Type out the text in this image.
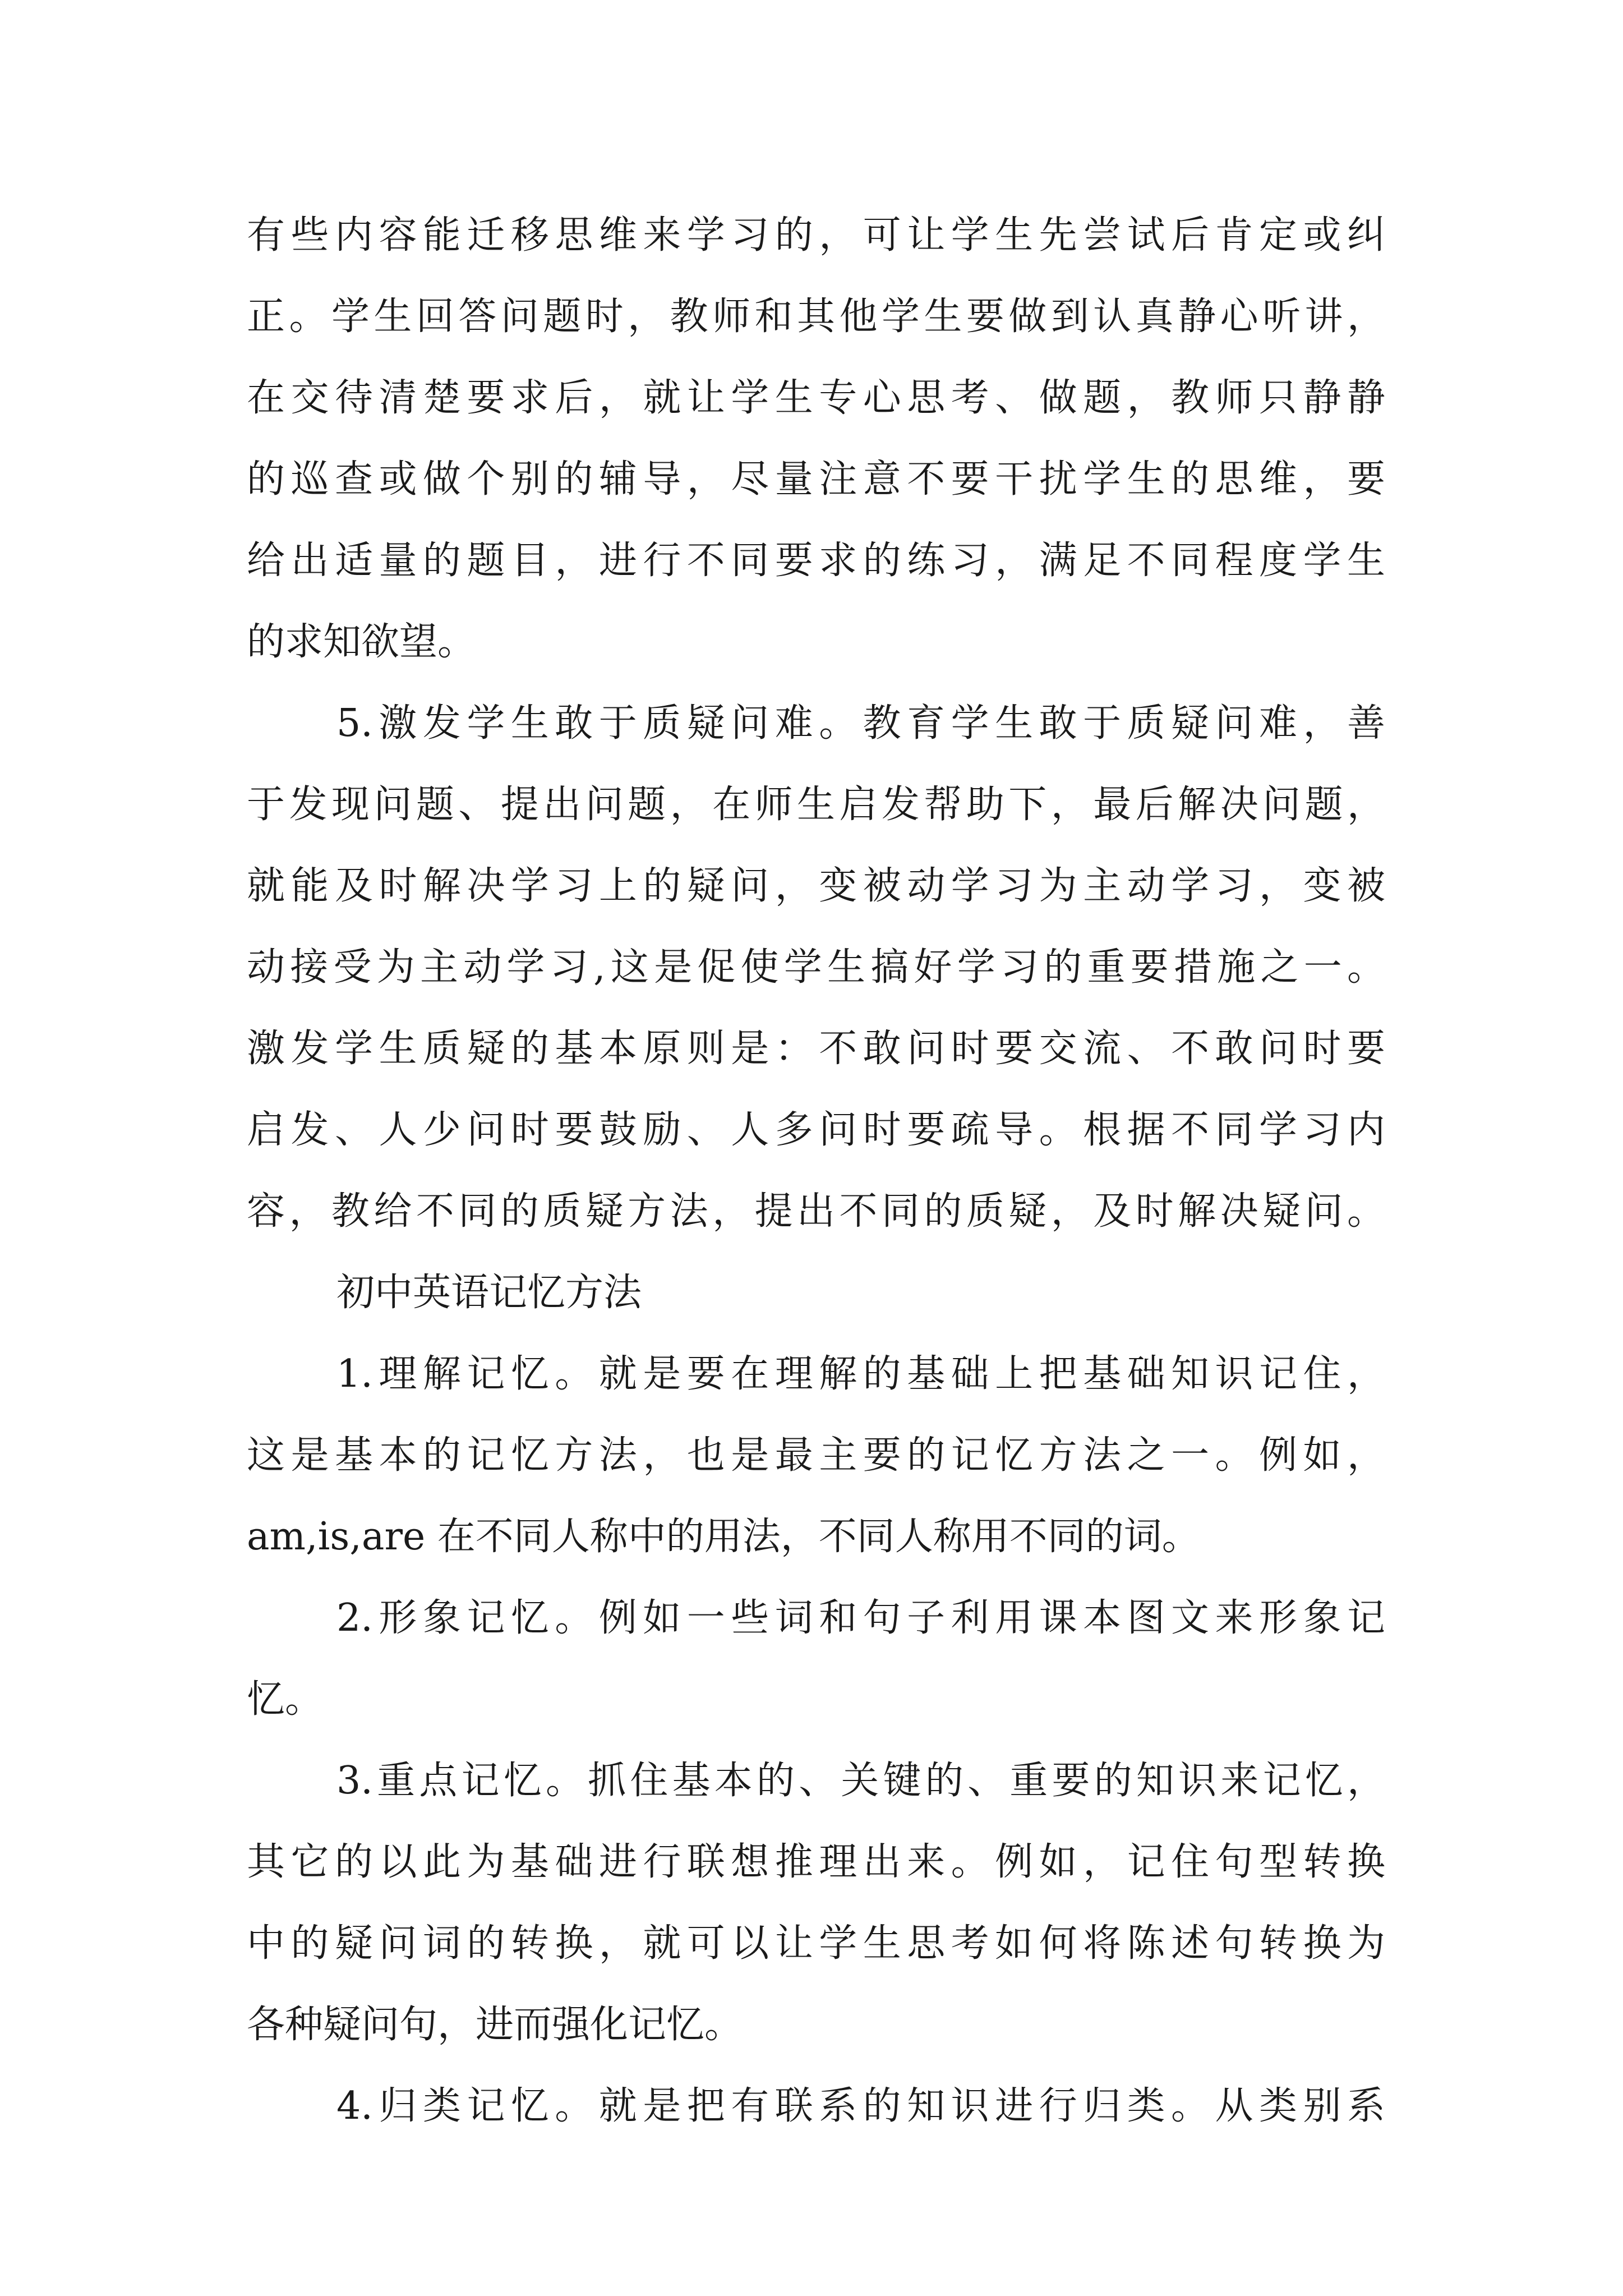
有些内容能迁移思维来学习的，可让学生先尝试后肯定或纠

正。学生回答问题时，教师和其他学生要做到认真静心听讲，

在交待清楚要求后，就让学生专心思考、做题，教师只静静

的巡查或做个别的辅导，尽量注意不要干扰学生的思维，要

给出适量的题目，进行不同要求的练习，满足不同程度学生

的求知欲望。

5.激发学生敢于质疑问难。教育学生敢于质疑问难，善

于发现问题、提出问题，在师生启发帮助下，最后解决问题，

就能及时解决学习上的疑问，变被动学习为主动学习，变被

动接受为主动学习,这是促使学生搞好学习的重要措施之一。

激发学生质疑的基本原则是：不敢问时要交流、不敢问时要

启发、人少问时要鼓励、人多问时要疏导。根据不同学习内

容，教给不同的质疑方法，提出不同的质疑，及时解决疑问。

初中英语记忆方法

1.理解记忆。就是要在理解的基础上把基础知识记住，

这是基本的记忆方法，也是最主要的记忆方法之一。例如，

am,is,are 在不同人称中的用法，不同人称用不同的词。

2.形象记忆。例如一些词和句子利用课本图文来形象记

忆。

3.重点记忆。抓住基本的、关键的、重要的知识来记忆，

其它的以此为基础进行联想推理出来。例如，记住句型转换

中的疑问词的转换，就可以让学生思考如何将陈述句转换为

各种疑问句，进而强化记忆。

4.归类记忆。就是把有联系的知识进行归类。从类别系
